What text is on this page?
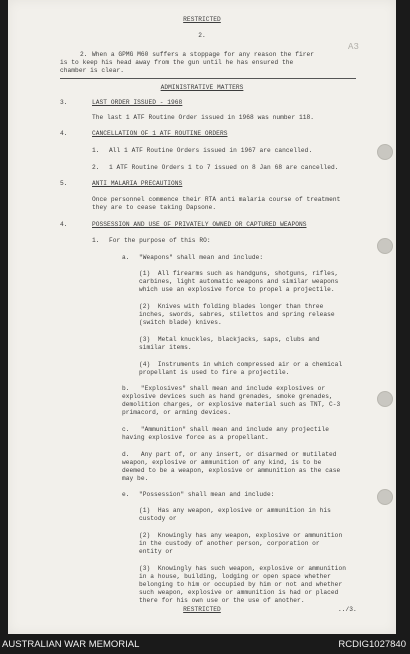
RESTRICTED
2.
A3
2. When a GPMG M60 suffers a stoppage for any reason the firer
is to keep his head away from the gun until he has ensured the
chamber is clear.
ADMINISTRATIVE MATTERS
3.	LAST ORDER ISSUED - 1968
The last 1 ATF Routine Order issued in 1968 was number 118.
4.	CANCELLATION OF 1 ATF ROUTINE ORDERS
1. All 1 ATF Routine Orders issued in 1967 are cancelled.
2. 1 ATF Routine Orders 1 to 7 issued on 8 Jan 68 are cancelled.
5.	ANTI MALARIA PRECAUTIONS
Once personnel commence their RTA anti malaria course of treatment
they are to cease taking Dapsone.
4.	POSSESSION AND USE OF PRIVATELY OWNED OR CAPTURED WEAPONS
1. For the purpose of this RO:
a. "Weapons" shall mean and include:
(1)  All firearms such as handguns, shotguns, rifles,
carbines, light automatic weapons and similar weapons
which use an explosive force to propel a projectile.
(2)  Knives with folding blades longer than three
inches, swords, sabres, stilettos and spring release
(switch blade) knives.
(3)  Metal knuckles, blackjacks, saps, clubs and
similar items.
(4)  Instruments in which compressed air or a chemical
propellant is used to fire a projectile.
b.   "Explosives" shall mean and include explosives or
explosive devices such as hand grenades, smoke grenades,
demolition charges, or explosive material such as TNT, C-3
primacord, or arming devices.
c.   "Ammunition" shall mean and include any projectile
having explosive force as a propellant.
d.   Any part of, or any insert, or disarmed or mutilated
weapon, explosive or ammunition of any kind, is to be
deemed to be a weapon, explosive or ammunition as the case
may be.
e. "Possession" shall mean and include:
(1)  Has any weapon, explosive or ammunition in his
custody or
(2)  Knowingly has any weapon, explosive or ammunition
in the custody of another person, corporation or
entity or
(3)  Knowingly has such weapon, explosive or ammunition
in a house, building, lodging or open space whether
belonging to him or occupied by him or not and whether
such weapon, explosive or ammunition is had or placed
there for his own use or the use of another.
RESTRICTED	../3.
AUSTRALIAN WAR MEMORIAL	RCDIG1027840
